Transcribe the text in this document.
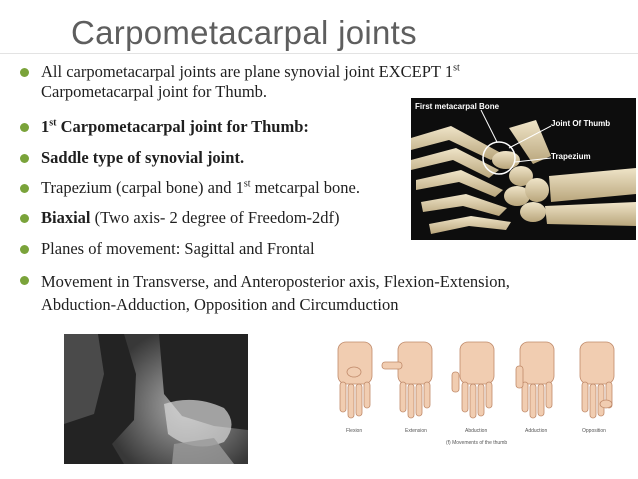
Carpometacarpal joints
All carpometacarpal joints are plane synovial joint EXCEPT 1st
Carpometacarpal joint for Thumb.
1st Carpometacarpal joint for Thumb:
Saddle type of synovial joint.
Trapezium (carpal bone) and 1st metcarpal bone.
Biaxial (Two axis- 2 degree of Freedom-2df)
Planes of movement: Sagittal and Frontal
Movement in Transverse, and Anteroposterior axis, Flexion-Extension,
Abduction-Adduction, Opposition and Circumduction
First metacarpal Bone
Joint Of Thumb
Trapezium
Flexion	Extension	Abduction	Adduction	Opposition
(f) Movements of the thumb
